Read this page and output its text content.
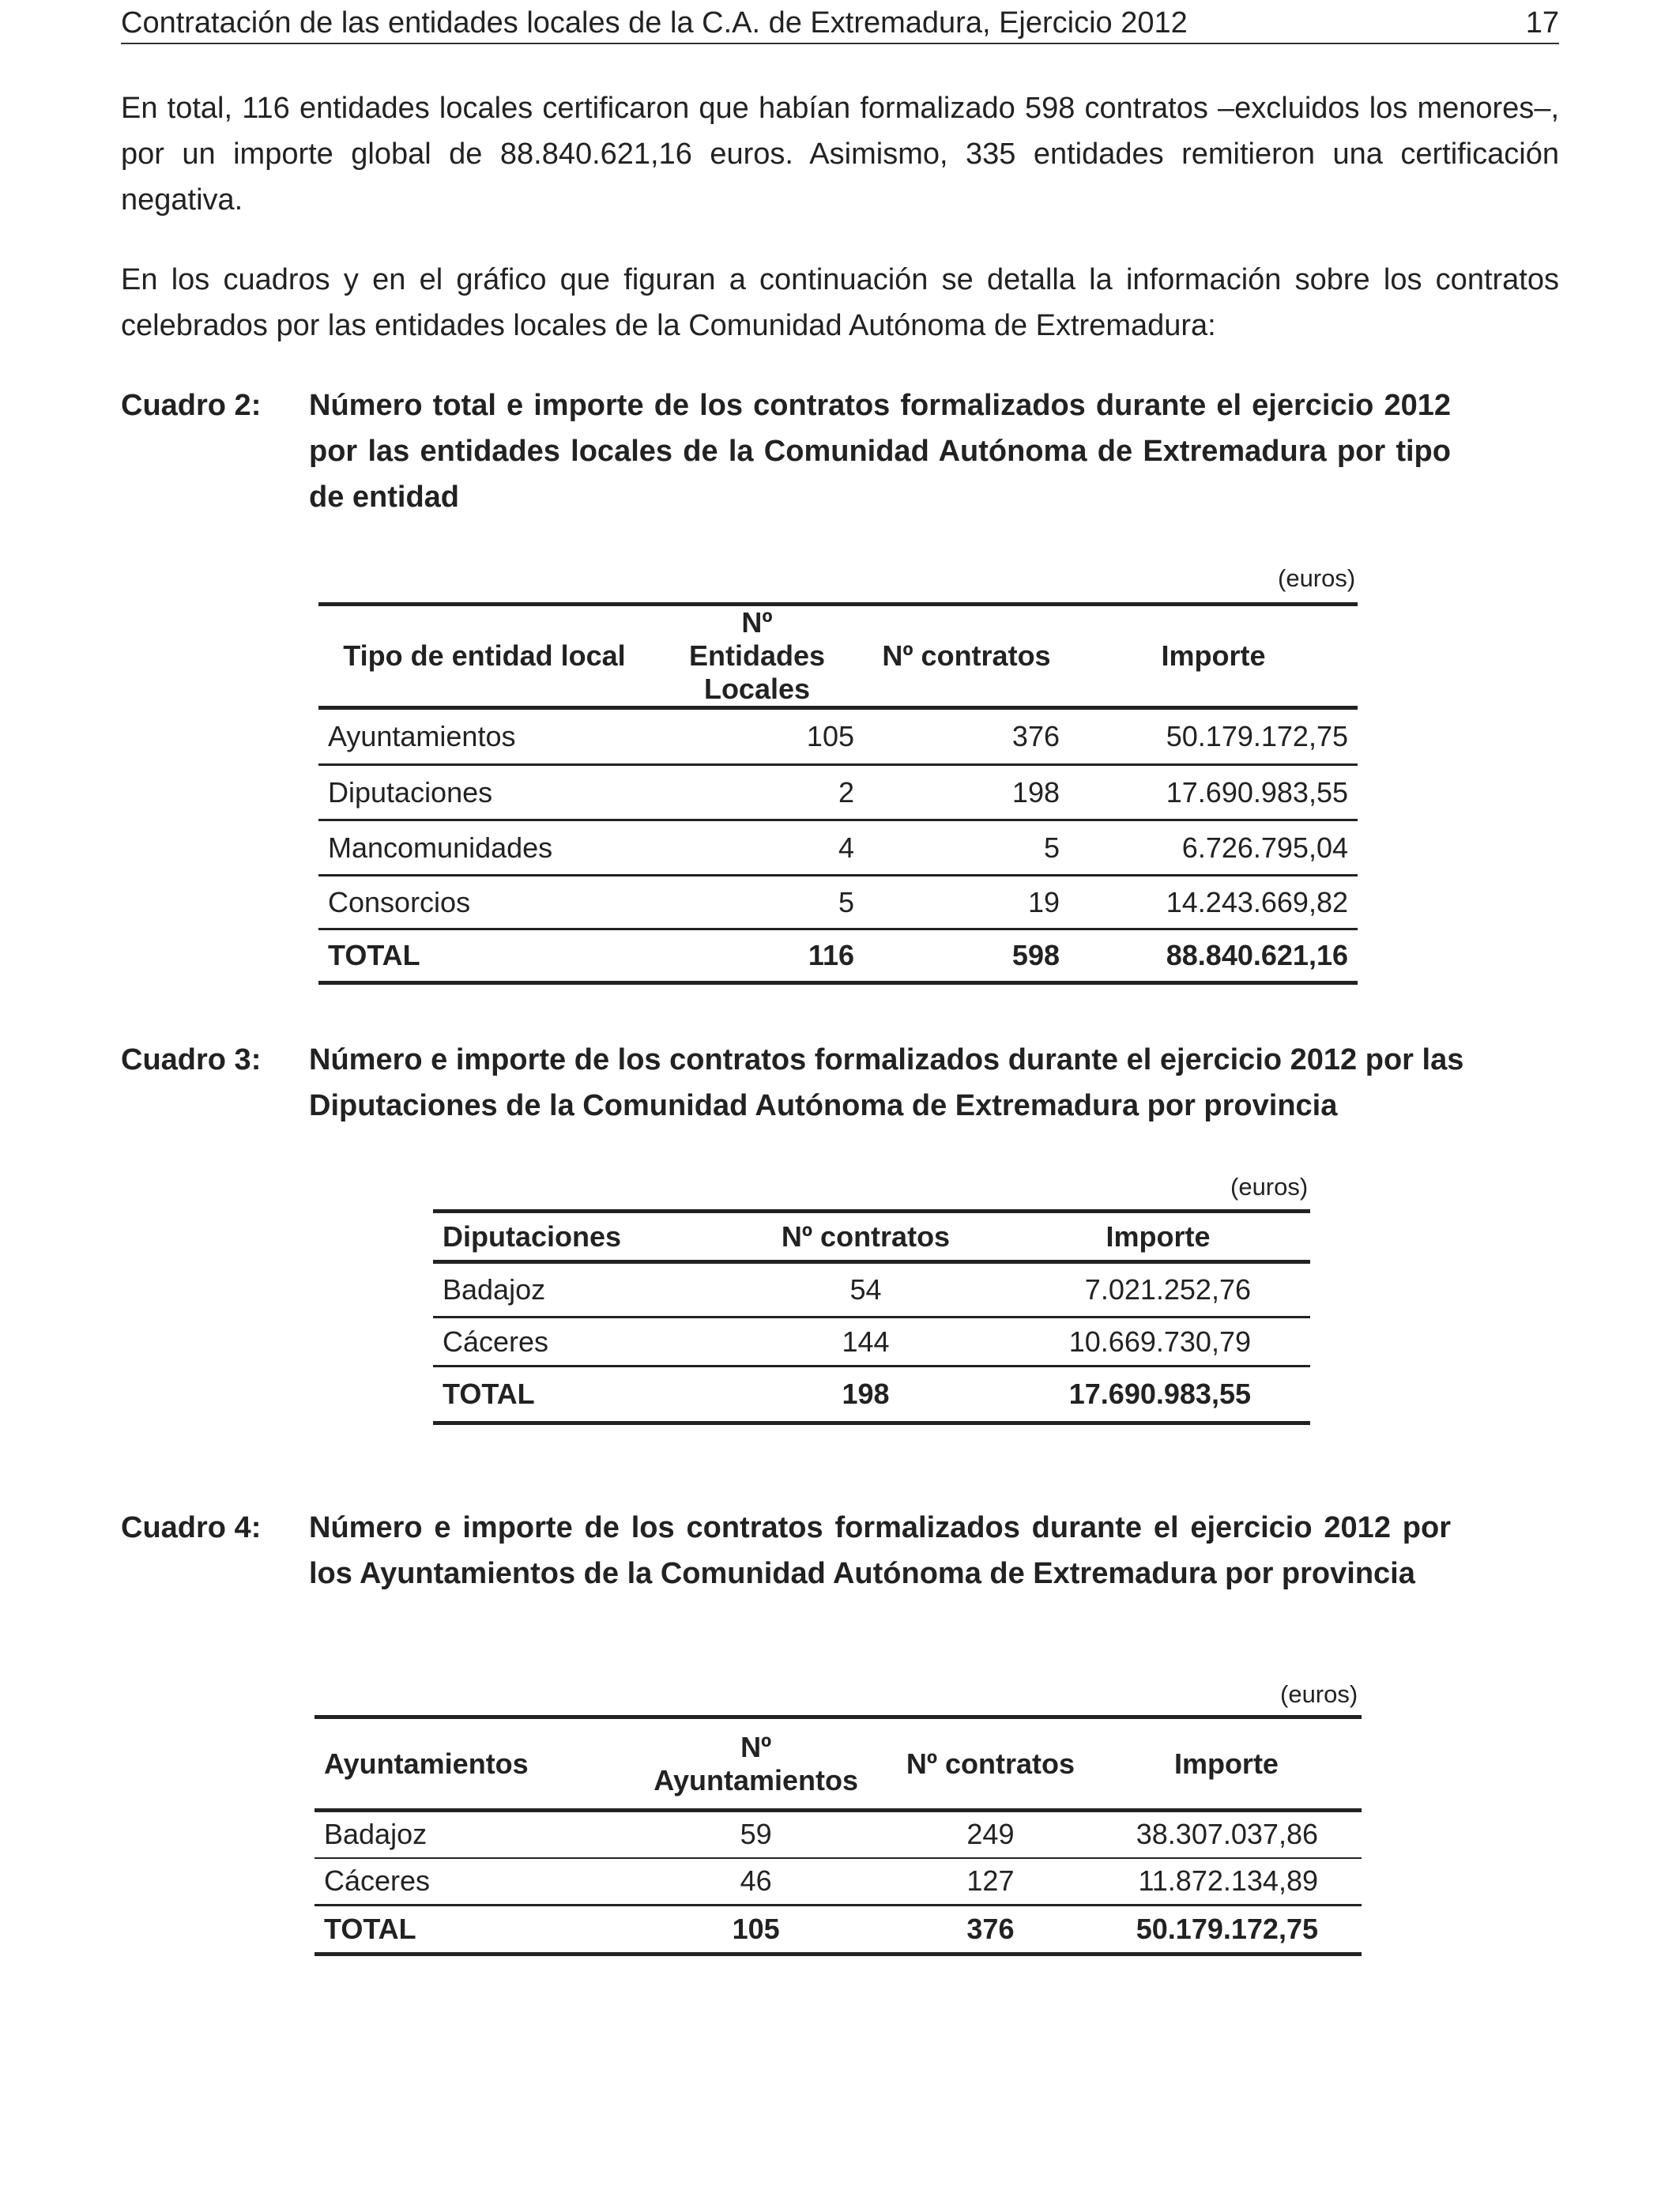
Contratación de las entidades locales de la C.A. de Extremadura, Ejercicio 2012	17

En total, 116 entidades locales certificaron que habían formalizado 598 contratos –excluidos los menores–, por un importe global de 88.840.621,16 euros. Asimismo, 335 entidades remitieron una certificación negativa.

En los cuadros y en el gráfico que figuran a continuación se detalla la información sobre los contratos celebrados por las entidades locales de la Comunidad Autónoma de Extremadura:

Cuadro 2: Número total e importe de los contratos formalizados durante el ejercicio 2012 por las entidades locales de la Comunidad Autónoma de Extremadura por tipo de entidad
(euros)
Tipo de entidad local	Nº Entidades Locales	Nº contratos	Importe
Ayuntamientos	105	376	50.179.172,75
Diputaciones	2	198	17.690.983,55
Mancomunidades	4	5	6.726.795,04
Consorcios	5	19	14.243.669,82
TOTAL	116	598	88.840.621,16
Cuadro 3: Número e importe de los contratos formalizados durante el ejercicio 2012 por las Diputaciones de la Comunidad Autónoma de Extremadura por provincia
(euros)
Diputaciones	Nº contratos	Importe
Badajoz	54	7.021.252,76
Cáceres	144	10.669.730,79
TOTAL	198	17.690.983,55
Cuadro 4: Número e importe de los contratos formalizados durante el ejercicio 2012 por los Ayuntamientos de la Comunidad Autónoma de Extremadura por provincia
(euros)
Ayuntamientos	Nº Ayuntamientos	Nº contratos	Importe
Badajoz	59	249	38.307.037,86
Cáceres	46	127	11.872.134,89
TOTAL	105	376	50.179.172,75
